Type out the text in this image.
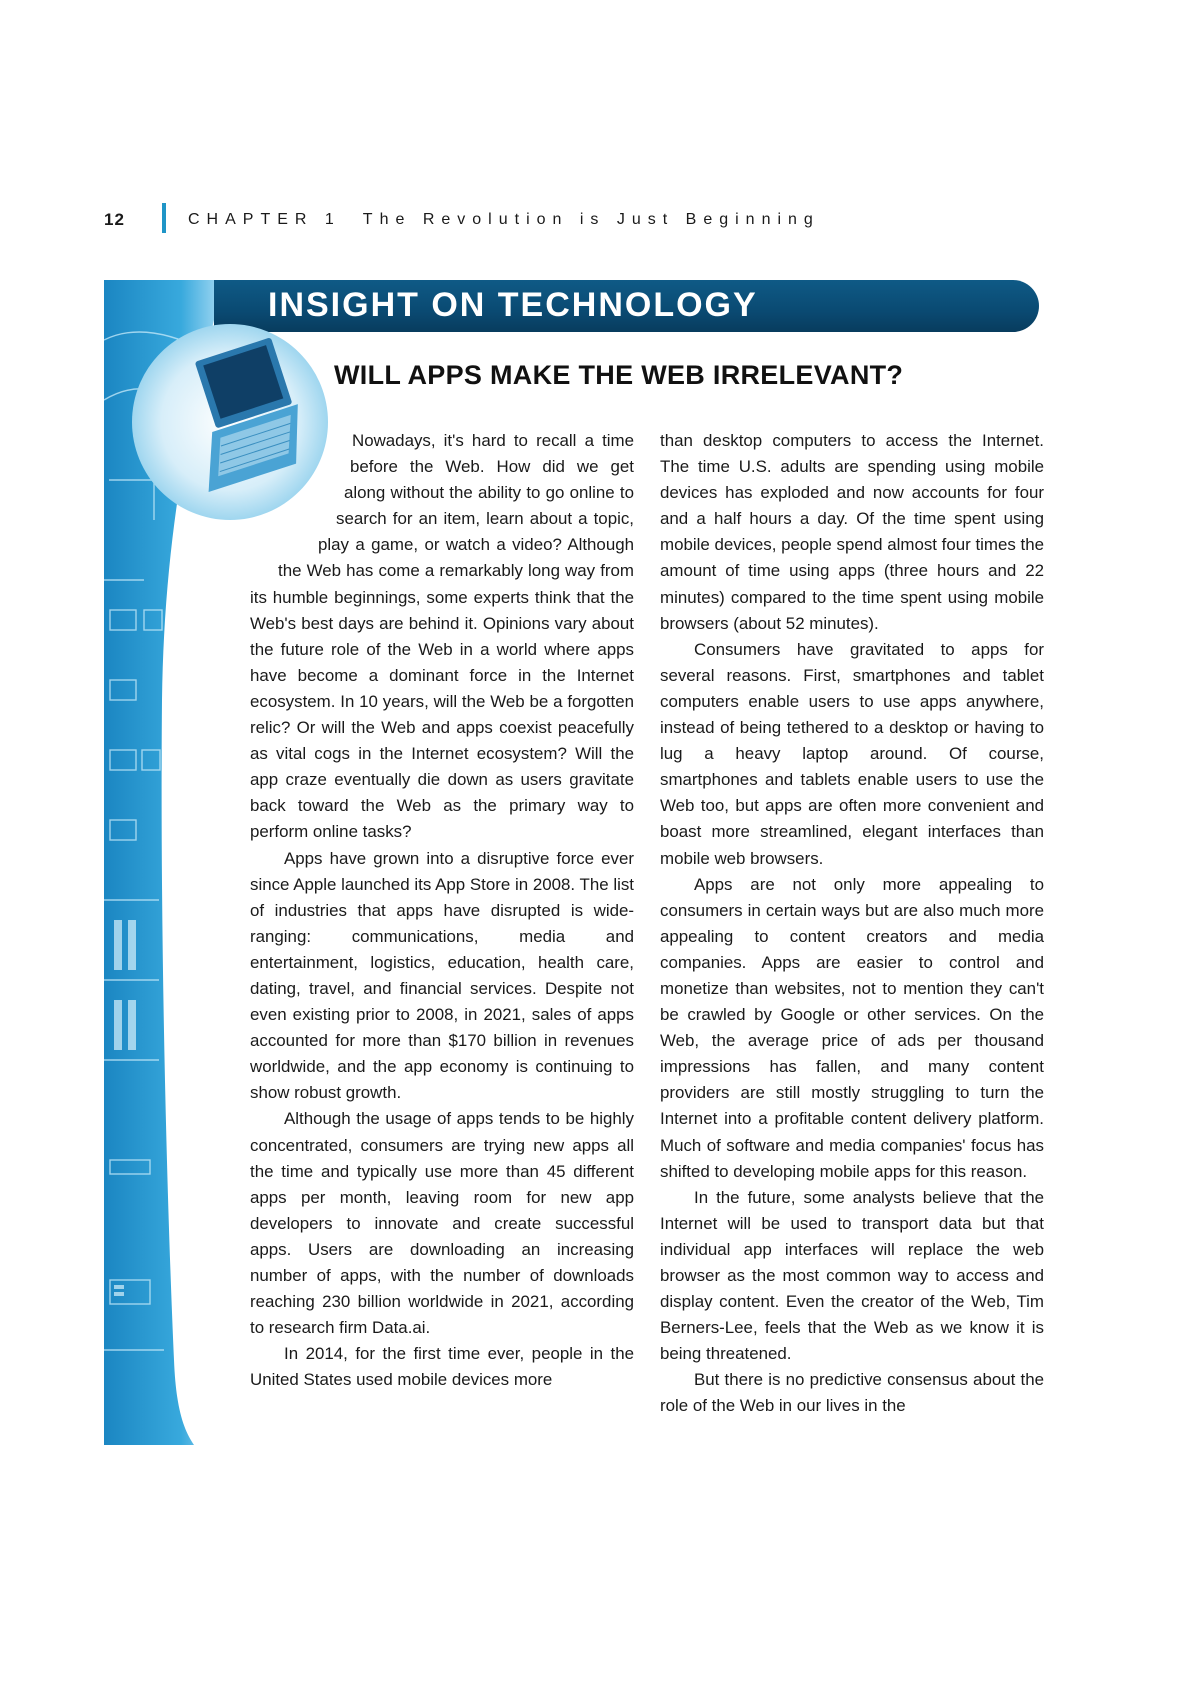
12	CHAPTER 1 The Revolution is Just Beginning
INSIGHT ON TECHNOLOGY
WILL APPS MAKE THE WEB IRRELEVANT?

Nowadays, it's hard to recall a time before the Web. How did we get along without the ability to go online to search for an item, learn about a topic, play a game, or watch a video? Although the Web has come a remarkably long way from its humble beginnings, some experts think that the Web's best days are behind it. Opinions vary about the future role of the Web in a world where apps have become a dominant force in the Internet ecosystem. In 10 years, will the Web be a forgotten relic? Or will the Web and apps coexist peacefully as vital cogs in the Internet ecosystem? Will the app craze eventually die down as users gravitate back toward the Web as the primary way to perform online tasks?

Apps have grown into a disruptive force ever since Apple launched its App Store in 2008. The list of industries that apps have disrupted is wide-ranging: communications, media and entertainment, logistics, education, health care, dating, travel, and financial services. Despite not even existing prior to 2008, in 2021, sales of apps accounted for more than $170 billion in revenues worldwide, and the app economy is continuing to show robust growth.

Although the usage of apps tends to be highly concentrated, consumers are trying new apps all the time and typically use more than 45 different apps per month, leaving room for new app developers to innovate and create successful apps. Users are downloading an increasing number of apps, with the number of downloads reaching 230 billion worldwide in 2021, according to research firm Data.ai.

In 2014, for the first time ever, people in the United States used mobile devices more

than desktop computers to access the Internet. The time U.S. adults are spending using mobile devices has exploded and now accounts for four and a half hours a day. Of the time spent using mobile devices, people spend almost four times the amount of time using apps (three hours and 22 minutes) compared to the time spent using mobile browsers (about 52 minutes).

Consumers have gravitated to apps for several reasons. First, smartphones and tablet computers enable users to use apps anywhere, instead of being tethered to a desktop or having to lug a heavy laptop around. Of course, smartphones and tablets enable users to use the Web too, but apps are often more convenient and boast more streamlined, elegant interfaces than mobile web browsers.

Apps are not only more appealing to consumers in certain ways but are also much more appealing to content creators and media companies. Apps are easier to control and monetize than websites, not to mention they can't be crawled by Google or other services. On the Web, the average price of ads per thousand impressions has fallen, and many content providers are still mostly struggling to turn the Internet into a profitable content delivery platform. Much of software and media companies' focus has shifted to developing mobile apps for this reason.

In the future, some analysts believe that the Internet will be used to transport data but that individual app interfaces will replace the web browser as the most common way to access and display content. Even the creator of the Web, Tim Berners-Lee, feels that the Web as we know it is being threatened.

But there is no predictive consensus about the role of the Web in our lives in the
